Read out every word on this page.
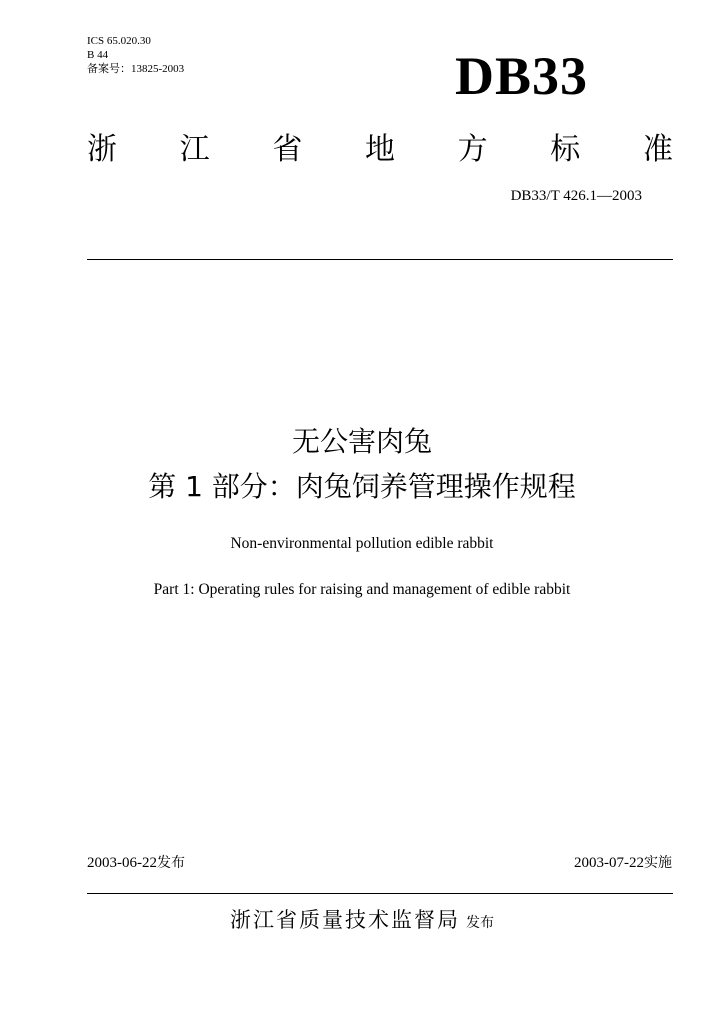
ICS 65.020.30
B 44
备案号：13825-2003	DB33
浙 江 省 地 方 标 准
DB33/T 426.1—2003
无公害肉兔
第 1 部分：肉兔饲养管理操作规程
Non-environmental pollution edible rabbit
Part 1: Operating rules for raising and management of edible rabbit
2003-06-22发布	2003-07-22实施
浙江省质量技术监督局 发布
